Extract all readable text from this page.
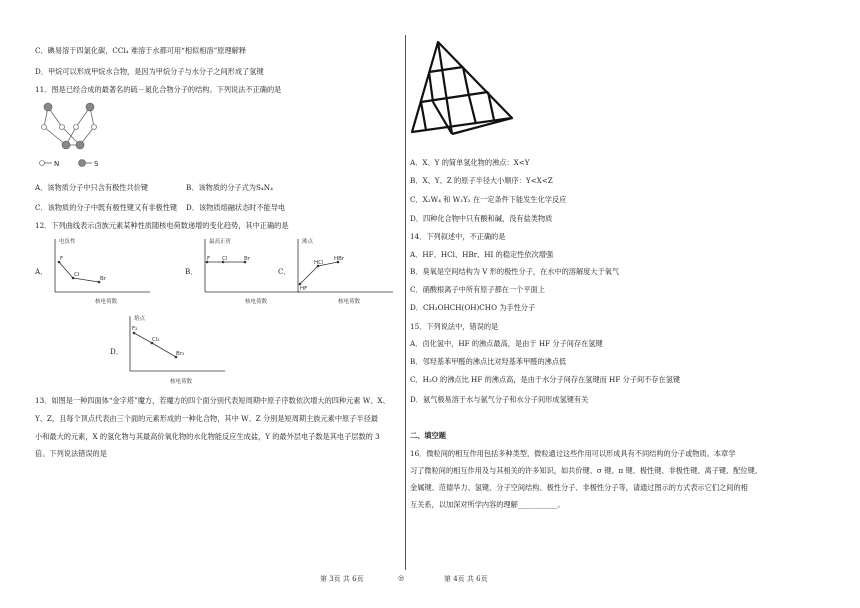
C．碘易溶于四氯化碳，CCl₄ 难溶于水都可用“相似相溶”原理解释
D．甲烷可以形成甲烷水合物，是因为甲烷分子与水分子之间形成了氢键
11．图是已经合成的最著名的硫－氮化合物分子的结构。下列说法不正确的是
N	S
A．该物质分子中只含有极性共价键	B．该物质的分子式为S₄N₄
C．该物质的分子中既有极性键又有非极性键 D．该物质熔融状态时不能导电
12．下列曲线表示卤族元素某种性质随核电荷数递增的变化趋势，其中正确的是
A．
电负性
核电荷数
F
Cl
Br
B．
最高正价
核电荷数
F Cl	Br
C．
沸点
核电荷数
HF
HCl
HBr
D．
熔点
核电荷数
F₂
Cl₂
Br₂
13．如图是一种四面体“金字塔”魔方，若魔方的四个面分别代表短周期中原子序数依次增大的四种元素 W、X、
Y、Z，且每个顶点代表由三个面的元素形成的一种化合物，其中 W、Z 分别是短周期主族元素中原子半径最
小和最大的元素，X 的氢化物与其最高价氧化物的水化物能反应生成盐，Y 的最外层电子数是其电子层数的 3
倍。下列说法错误的是
A．X、Y 的简单氢化物的沸点：X<Y
B．X、Y、Z 的原子半径大小顺序：Y<X<Z
C．X₂W₄ 和 W₂Y₂ 在一定条件下能发生化学反应
D．四种化合物中只有酸和碱，没有盐类物质
14．下列叙述中，不正确的是
A．HF、HCl、HBr、HI 的稳定性依次增强
B．臭氧是空间结构为 V 形的极性分子，在水中的溶解度大于氧气
C．硝酸根离子中所有原子都在一个平面上
D．CH₃OHCH(OH)CHO 为手性分子
15．下列说法中，错误的是
A．卤化氢中，HF 的沸点最高，是由于 HF 分子间存在氢键
B．邻羟基苯甲醛的沸点比对羟基苯甲醛的沸点低
C．H₂O 的沸点比 HF 的沸点高，是由于水分子间存在氢键而 HF 分子间不存在氢键
D．氨气极易溶于水与氨气分子和水分子间形成氢键有关
二、填空题
16．微粒间的相互作用包括多种类型，微粒通过这些作用可以形成具有不同结构的分子或物质。本章学
习了微粒间的相互作用及与其相关的许多知识，如共价键、σ 键、π 键、极性键、非极性键、离子键、配位键、
金属键、范德华力、氢键、分子空间结构、极性分子、非极性分子等，请通过图示的方式表示它们之间的相
互关系，以加深对所学内容的理解___________。
第 3页 共 6页	◎	第 4页 共 6页
